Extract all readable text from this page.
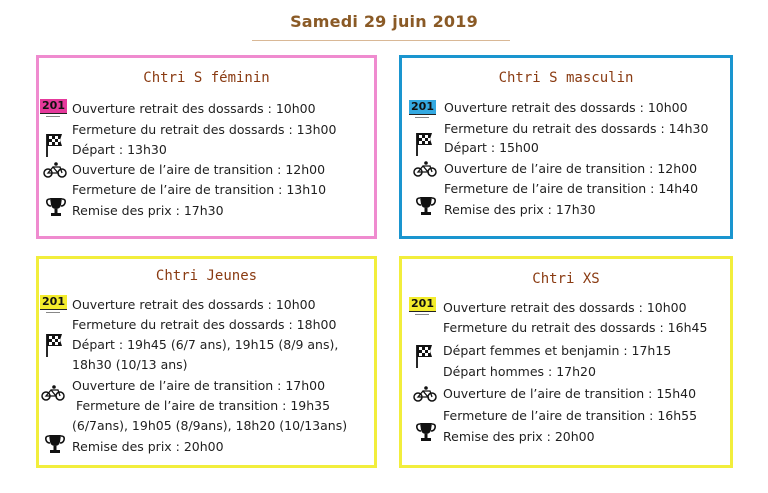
Samedi 29 juin 2019
Chtri S féminin
201 Ouverture retrait des dossards : 10h00
Fermeture du retrait des dossards : 13h00
Départ : 13h30
Ouverture de l’aire de transition : 12h00
Fermeture de l’aire de transition : 13h10
Remise des prix : 17h30
Chtri S masculin
201 Ouverture retrait des dossards : 10h00
Fermeture du retrait des dossards : 14h30
Départ : 15h00
Ouverture de l’aire de transition : 12h00
Fermeture de l’aire de transition : 14h40
Remise des prix : 17h30
Chtri Jeunes
201 Ouverture retrait des dossards : 10h00
Fermeture du retrait des dossards : 18h00
Départ : 19h45 (6/7 ans), 19h15 (8/9 ans),
18h30 (10/13 ans)
Ouverture de l’aire de transition : 17h00
Fermeture de l’aire de transition : 19h35
(6/7ans), 19h05 (8/9ans), 18h20 (10/13ans)
Remise des prix : 20h00
Chtri XS
201 Ouverture retrait des dossards : 10h00
Fermeture du retrait des dossards : 16h45
Départ femmes et benjamin : 17h15
Départ hommes : 17h20
Ouverture de l’aire de transition : 15h40
Fermeture de l’aire de transition : 16h55
Remise des prix : 20h00
